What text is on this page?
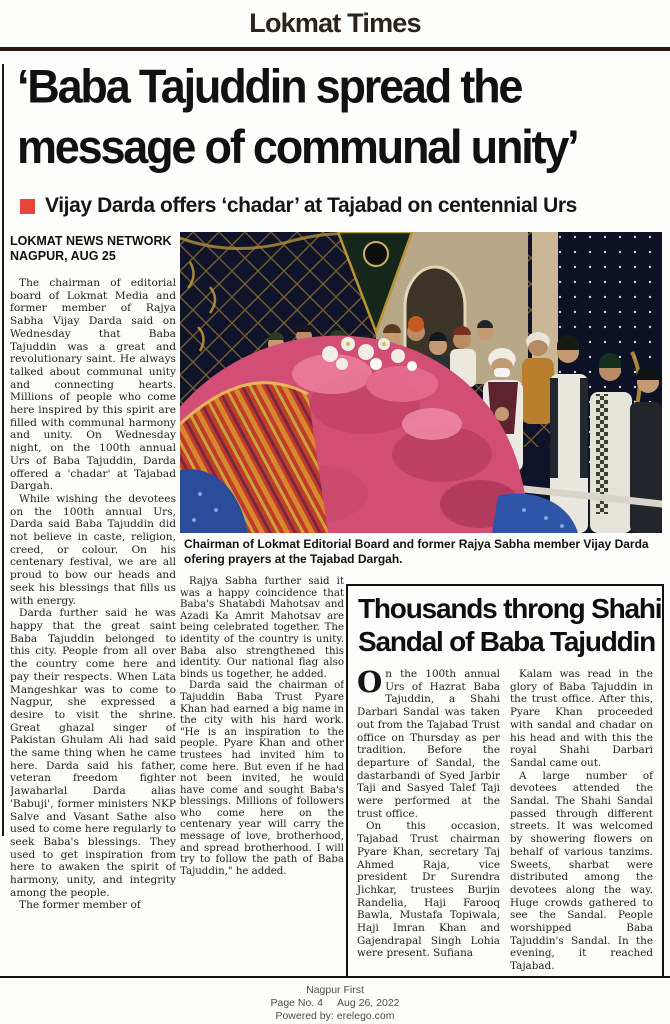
Lokmat Times
‘Baba Tajuddin spread the
message of communal unity’
Vijay Darda offers ‘chadar’ at Tajabad on centennial Urs
LOKMAT NEWS NETWORK
NAGPUR, AUG 25

The chairman of editorial board of Lokmat Media and former member of Rajya Sabha Vijay Darda said on Wednesday that Baba Tajuddin was a great and revolutionary saint. He always talked about communal unity and connecting hearts. Millions of people who come here inspired by this spirit are filled with communal harmony and unity. On Wednesday night, on the 100th annual Urs of Baba Tajuddin, Darda offered a 'chadar' at Tajabad Dargah.

While wishing the devotees on the 100th annual Urs, Darda said Baba Tajuddin did not believe in caste, religion, creed, or colour. On his centenary festival, we are all proud to bow our heads and seek his blessings that fills us with energy.

Darda further said he was happy that the great saint Baba Tajuddin belonged to this city. People from all over the country come here and pay their respects. When Lata Mangeshkar was to come to Nagpur, she expressed a desire to visit the shrine. Great ghazal singer of Pakistan Ghulam Ali had said the same thing when he came here. Darda said his father, veteran freedom fighter Jawaharlal Darda alias 'Babuji', former ministers NKP Salve and Vasant Sathe also used to come here regularly to seek Baba's blessings. They used to get inspiration from here to awaken the spirit of harmony, unity, and integrity among the people.

The former member of

Chairman of Lokmat Editorial Board and former Rajya Sabha member Vijay Darda ofering prayers at the Tajabad Dargah.

Rajya Sabha further said it was a happy coincidence that Baba's Shatabdi Mahotsav and Azadi Ka Amrit Mahotsav are being celebrated together. The identity of the country is unity. Baba also strengthened this identity. Our national flag also binds us together, he added.

Darda said the chairman of Tajuddin Baba Trust Pyare Khan had earned a big name in the city with his hard work. "He is an inspiration to the people. Pyare Khan and other trustees had invited him to come here. But even if he had not been invited, he would have come and sought Baba's blessings. Millions of followers who come here on the centenary year will carry the message of love, brotherhood, and spread brotherhood. I will try to follow the path of Baba Tajuddin," he added.

Thousands throng Shahi
Sandal of Baba Tajuddin

On the 100th annual Urs of Hazrat Baba Tajuddin, a Shahi Darbari Sandal was taken out from the Tajabad Trust office on Thursday as per tradition. Before the departure of Sandal, the dastarbandi of Syed Jarbir Taji and Sasyed Talef Taji were performed at the trust office.

On this occasion, Tajabad Trust chairman Pyare Khan, secretary Taj Ahmed Raja, vice president Dr Surendra Jichkar, trustees Burjin Randelia, Haji Farooq Bawla, Mustafa Topiwala, Haji Imran Khan and Gajendrapal Singh Lohia were present. Sufiana

Kalam was read in the glory of Baba Tajuddin in the trust office. After this, Pyare Khan proceeded with sandal and chadar on his head and with this the royal Shahi Darbari Sandal came out.

A large number of devotees attended the Sandal. The Shahi Sandal passed through different streets. It was welcomed by showering flowers on behalf of various tanzims. Sweets, sharbat were distributed among the devotees along the way. Huge crowds gathered to see the Sandal. People worshipped Baba Tajuddin's Sandal. In the evening, it reached Tajabad.

Nagpur First
Page No. 4 Aug 26, 2022
Powered by: erelego.com
